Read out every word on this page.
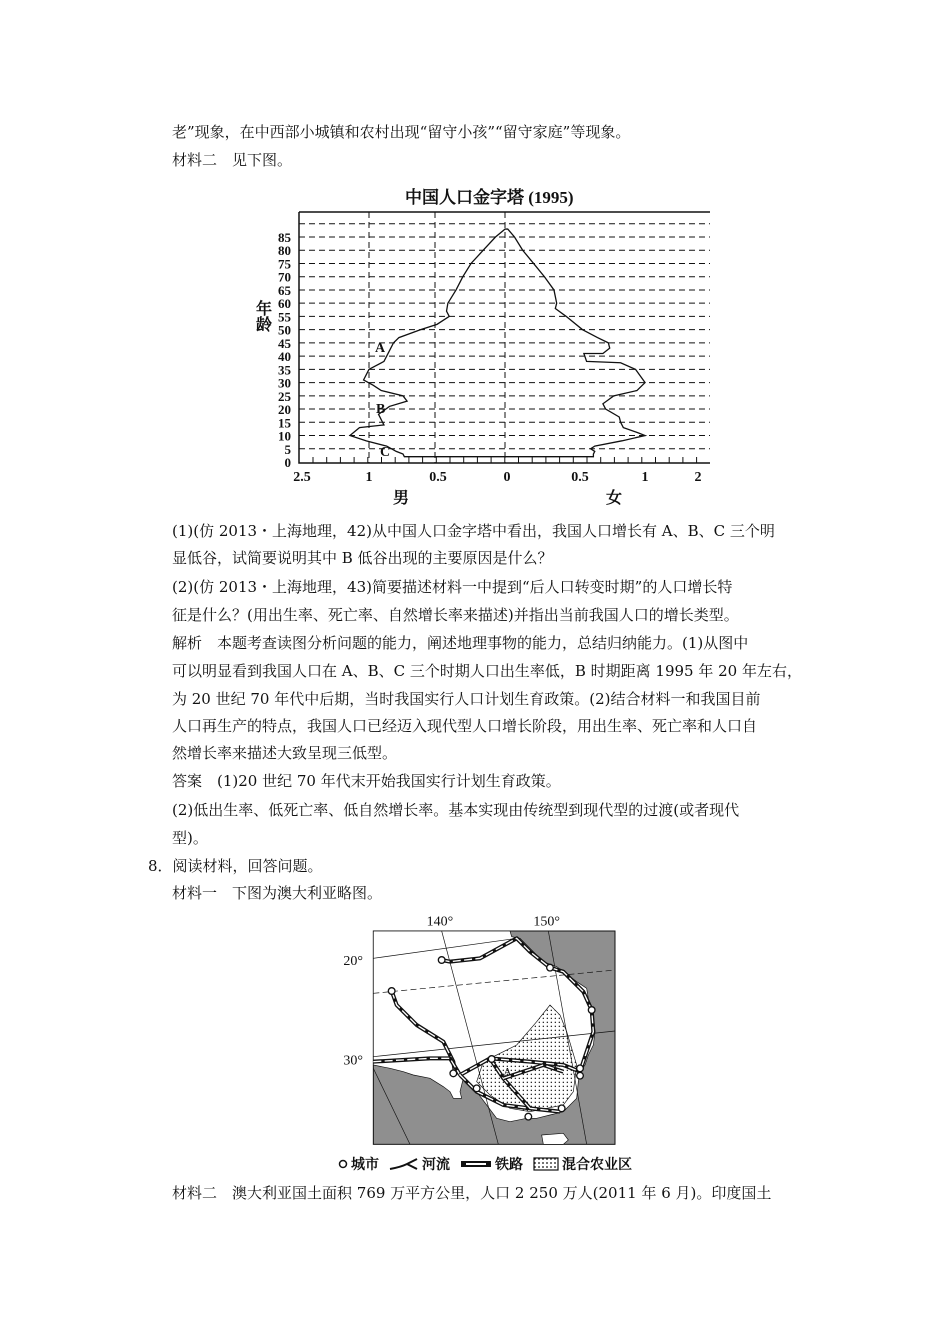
老”现象，在中西部小城镇和农村出现“留守小孩”“留守家庭”等现象。
材料二　见下图。
中国人口金字塔 (1995)
0
5
10
15
20
25
30
35
40
45
50
55
60
65
70
75
80
85
2.5	1	0.5	0	0.5	1	2
男	女
年龄
A
B
C
(1)(仿 2013・上海地理，42)从中国人口金字塔中看出，我国人口增长有 A、B、C 三个明
显低谷，试简要说明其中 B 低谷出现的主要原因是什么？
(2)(仿 2013・上海地理，43)简要描述材料一中提到“后人口转变时期”的人口增长特
征是什么？(用出生率、死亡率、自然增长率来描述)并指出当前我国人口的增长类型。
解析　本题考查读图分析问题的能力，阐述地理事物的能力，总结归纳能力。(1)从图中
可以明显看到我国人口在 A、B、C 三个时期人口出生率低，B 时期距离 1995 年 20 年左右，
为 20 世纪 70 年代中后期，当时我国实行人口计划生育政策。(2)结合材料一和我国目前
人口再生产的特点，我国人口已经迈入现代型人口增长阶段，用出生率、死亡率和人口自
然增长率来描述大致呈现三低型。
答案　(1)20 世纪 70 年代末开始我国实行计划生育政策。
(2)低出生率、低死亡率、低自然增长率。基本实现由传统型到现代型的过渡(或者现代
型)。
8．阅读材料，回答问题。
材料一　下图为澳大利亚略图。
140° 150°
20°
30°
A
城市	河流	铁路	混合农业区
材料二　澳大利亚国土面积 769 万平方公里，人口 2 250 万人(2011 年 6 月)。印度国土
